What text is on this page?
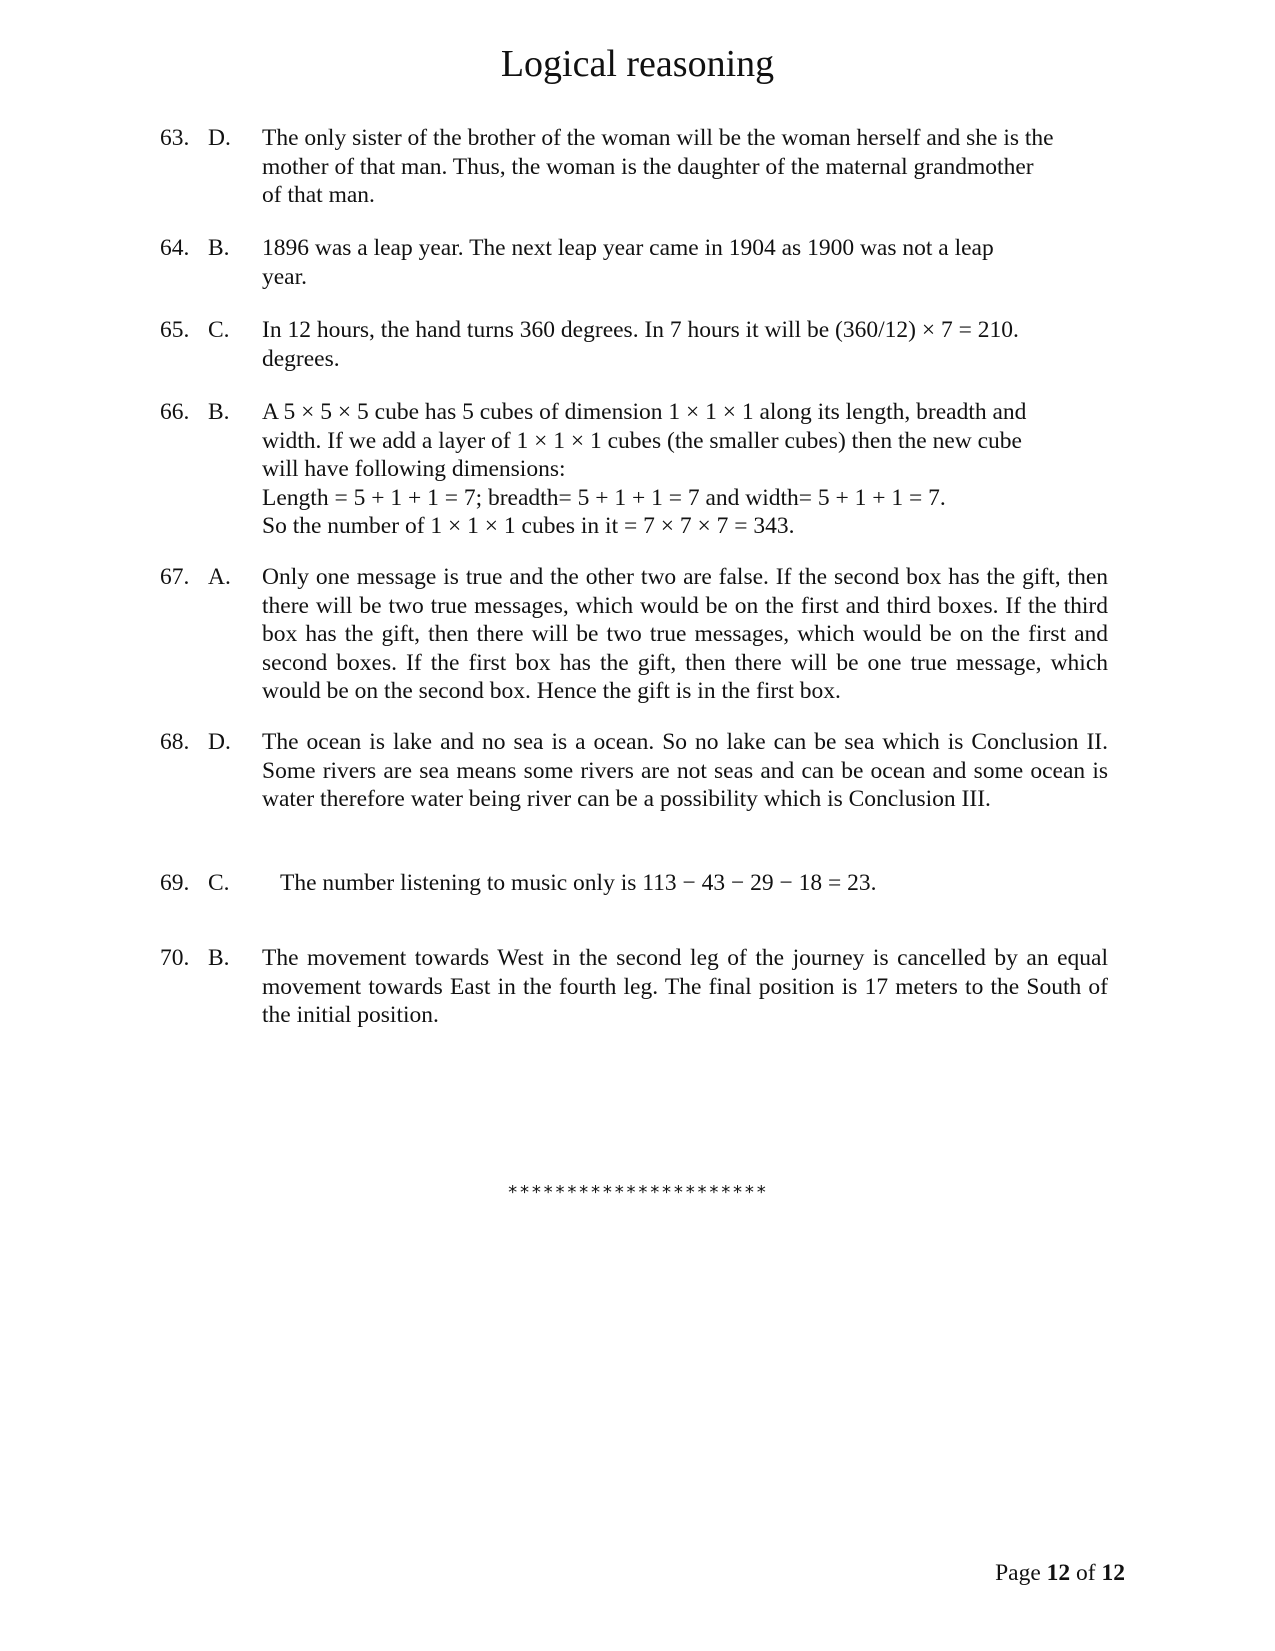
Logical reasoning
63. D.	The only sister of the brother of the woman will be the woman herself and she is the

mother of that man. Thus, the woman is the daughter of the maternal grandmother

of that man.

64. B.	1896 was a leap year. The next leap year came in 1904 as 1900 was not a leap

year.

65. C.	In 12 hours, the hand turns 360 degrees. In 7 hours it will be (360/12) × 7 = 210.

degrees.

66. B.	A 5 × 5 × 5 cube has 5 cubes of dimension 1 × 1 × 1 along its length, breadth and

width. If we add a layer of 1 × 1 × 1 cubes (the smaller cubes) then the new cube

will have following dimensions:

Length = 5 + 1 + 1 = 7; breadth= 5 + 1 + 1 = 7 and width= 5 + 1 + 1 = 7.

So the number of 1 × 1 × 1 cubes in it = 7 × 7 × 7 = 343.

67. A.	Only one message is true and the other two are false. If the second box has the gift, then there will be two true messages, which would be on the first and third boxes. If the third box has the gift, then there will be two true messages, which would be on the first and second boxes. If the first box has the gift, then there will be one true message, which would be on the second box. Hence the gift is in the first box.

68. D.	The ocean is lake and no sea is a ocean. So no lake can be sea which is Conclusion II. Some rivers are sea means some rivers are not seas and can be ocean and some ocean is water therefore water being river can be a possibility which is Conclusion III.

69. C.	The number listening to music only is 113 − 43 − 29 − 18 = 23.

70. B.	The movement towards West in the second leg of the journey is cancelled by an equal movement towards East in the fourth leg. The final position is 17 meters to the South of the initial position.

**********************
Page 12 of 12
